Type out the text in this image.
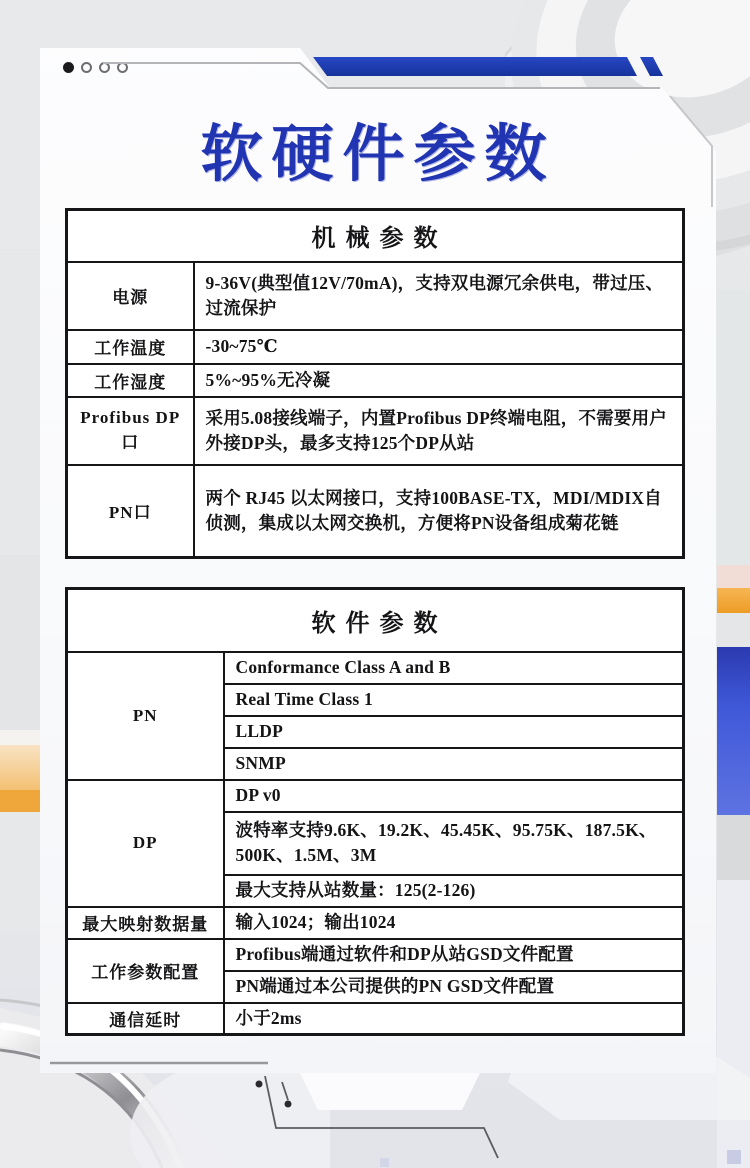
软硬件参数
机械参数	
电源	9-36V(典型值12V/70mA)，支持双电源冗余供电，带过压、过流保护
工作温度	-30~75℃
工作湿度	5%~95%无冷凝
Profibus DP口	采用5.08接线端子，内置Profibus DP终端电阻，不需要用户外接DP头，最多支持125个DP从站
PN口	两个 RJ45 以太网接口，支持100BASE-TX，MDI/MDIX自侦测，集成以太网交换机，方便将PN设备组成菊花链
软件参数	
PN	Conformance Class A and B
	Real Time Class 1
	LLDP
	SNMP
DP	DP v0
	波特率支持9.6K、19.2K、45.45K、95.75K、187.5K、500K、1.5M、3M
	最大支持从站数量：125(2-126)
最大映射数据量	输入1024；输出1024
工作参数配置	Profibus端通过软件和DP从站GSD文件配置
	PN端通过本公司提供的PN GSD文件配置
通信延时	小于2ms
